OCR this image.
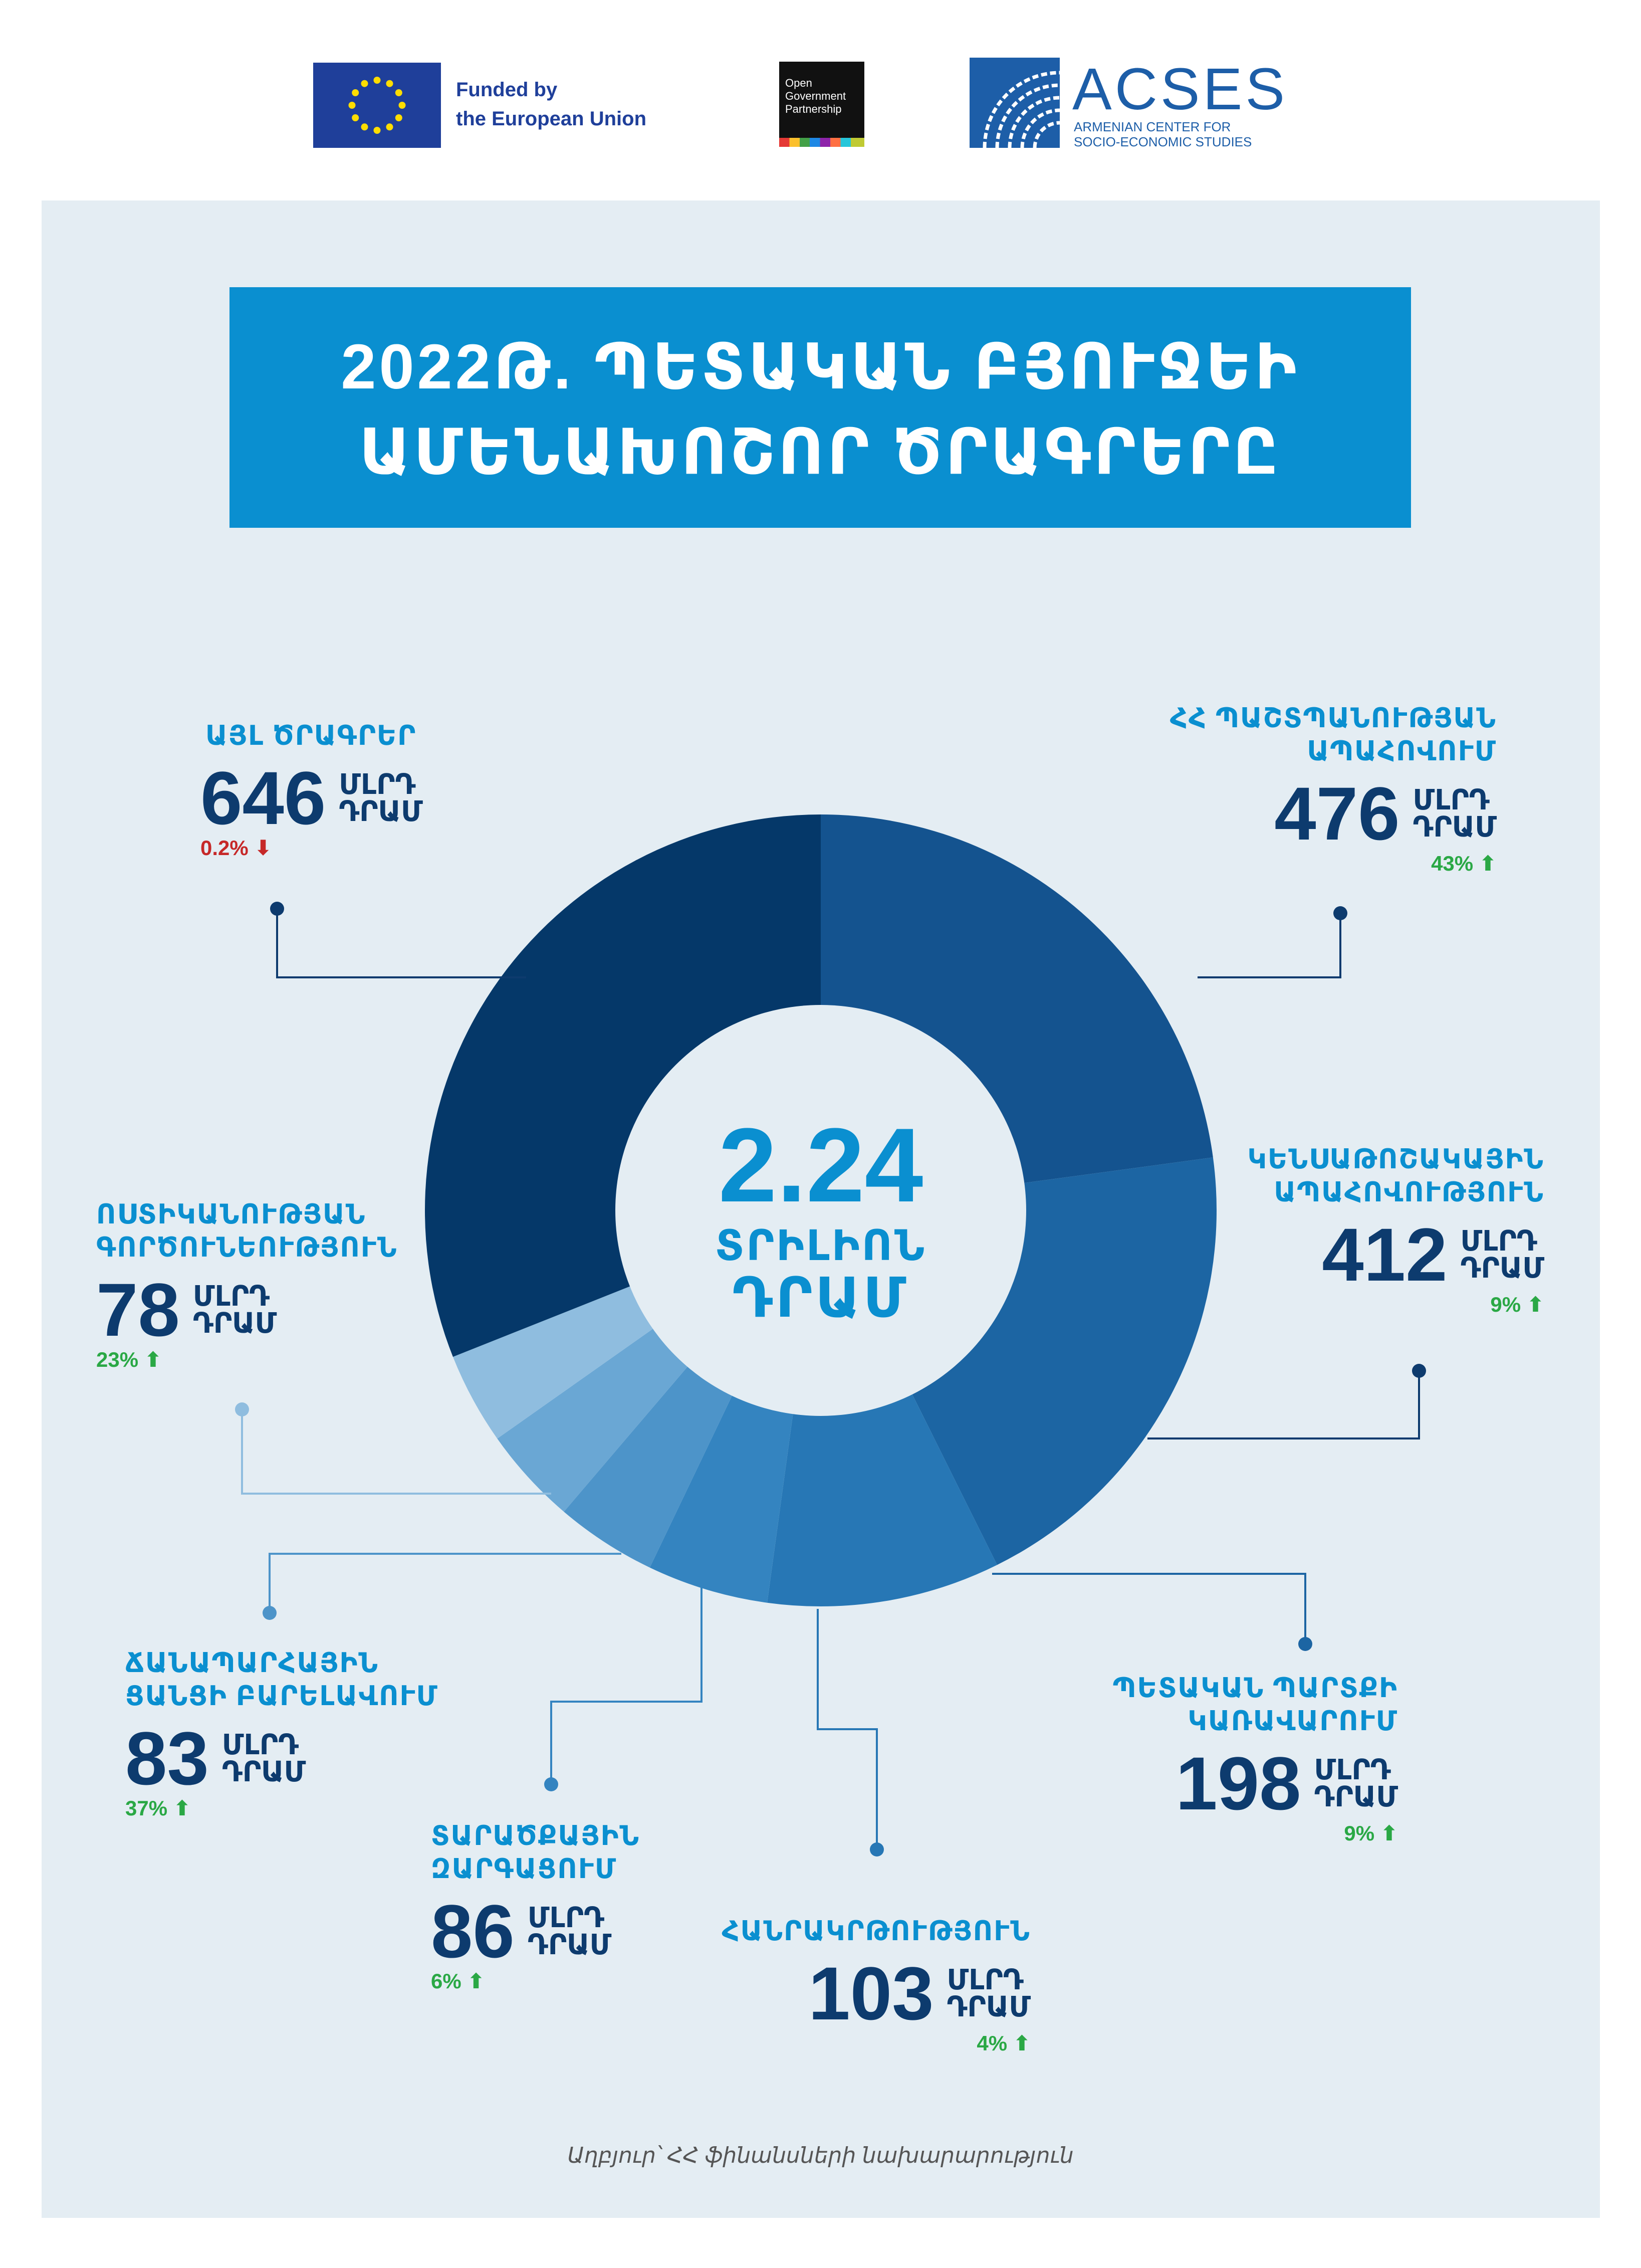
Funded by
the European Union
Open
Government
Partnership	ACSES
ARMENIAN CENTER FOR
SOCIO-ECONOMIC STUDIES
2022Թ. ՊԵՏԱԿԱՆ ԲՅՈՒՋԵԻ
ԱՄԵՆԱԽՈՇՈՐ ԾՐԱԳՐԵՐԸ
2.24
ՏՐԻԼԻՈՆ
ԴՐԱՄ
ՀՀ ՊԱՇՏՊԱՆՈՒԹՅԱՆ
ԱՊԱՀՈՎՈՒՄ
476 ՄԼՐԴ
ԴՐԱՄ
43% ⬆
ԿԵՆՍԱԹՈՇԱԿԱՅԻՆ
ԱՊԱՀՈՎՈՒԹՅՈՒՆ
412 ՄԼՐԴ
ԴՐԱՄ
9% ⬆
ՊԵՏԱԿԱՆ ՊԱՐՏՔԻ
ԿԱՌԱՎԱՐՈՒՄ
198 ՄԼՐԴ
ԴՐԱՄ
9% ⬆
ՀԱՆՐԱԿՐԹՈՒԹՅՈՒՆ
103 ՄԼՐԴ
ԴՐԱՄ
4% ⬆
ՏԱՐԱԾՔԱՅԻՆ
ԶԱՐԳԱՑՈՒՄ
86 ՄԼՐԴ
ԴՐԱՄ
6% ⬆
ՃԱՆԱՊԱՐՀԱՅԻՆ
ՑԱՆՑԻ ԲԱՐԵԼԱՎՈՒՄ
83 ՄԼՐԴ
ԴՐԱՄ
37% ⬆
ՈՍՏԻԿԱՆՈՒԹՅԱՆ
ԳՈՐԾՈՒՆԵՈՒԹՅՈՒՆ
78 ՄԼՐԴ
ԴՐԱՄ
23% ⬆
ԱՅԼ ԾՐԱԳՐԵՐ
646 ՄԼՐԴ
ԴՐԱՄ
0.2% ⬇
Աղբյուր՝ ՀՀ ֆինանսների նախարարություն
